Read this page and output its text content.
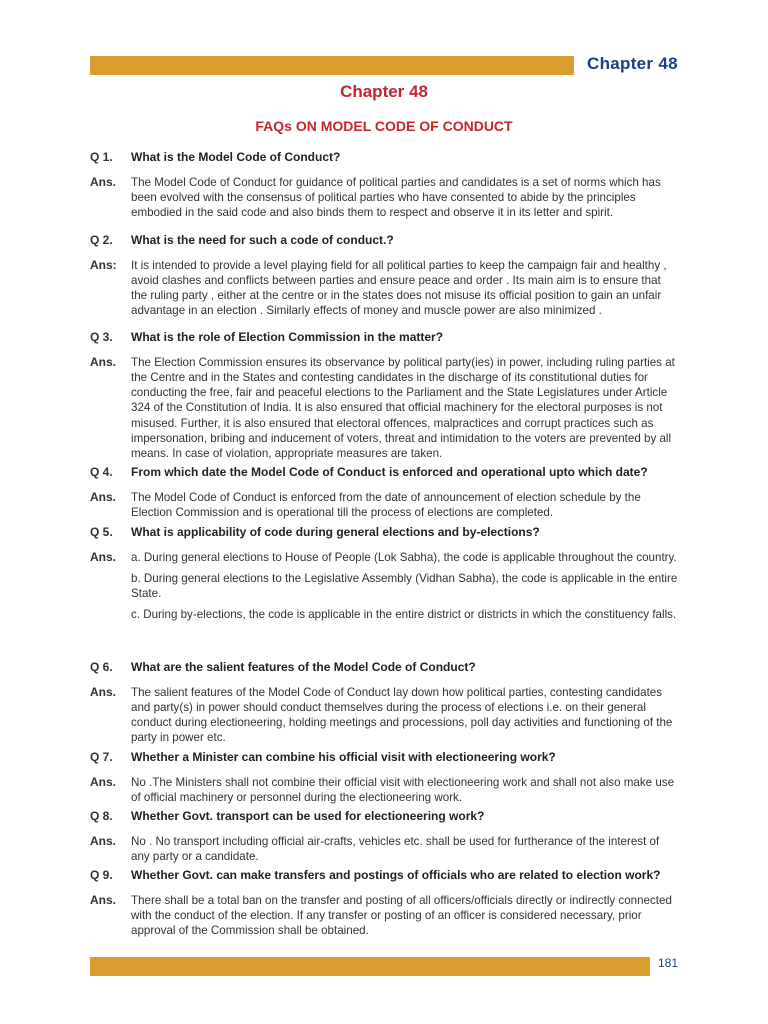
Chapter 48
Chapter 48
FAQs ON MODEL CODE OF CONDUCT
Q 1.	What is the Model Code of Conduct?
Ans.	The Model Code of Conduct for guidance of political parties and candidates is a set of norms which has been evolved with the consensus of political parties who have consented to abide by the principles embodied in the said code and also binds them to respect and observe it in its letter and spirit.

Q 2.	What is the need for such a code of conduct.?
Ans:	It is intended to provide a level playing field for all political parties to keep the campaign fair and healthy , avoid clashes and conflicts between parties and ensure peace and order . Its main aim is to ensure that the ruling party , either at the centre or in the states does not misuse its official position to gain an unfair advantage in an election . Similarly effects of money and muscle power are also minimized .

Q 3.	What is the role of Election Commission in the matter?
Ans.	The Election Commission ensures its observance by political party(ies) in power, including ruling parties at the Centre and in the States and contesting candidates in the discharge of its constitutional duties for conducting the free, fair and peaceful elections to the Parliament and the State Legislatures under Article 324 of the Constitution of India. It is also ensured that official machinery for the electoral purposes is not misused. Further, it is also ensured that electoral offences, malpractices and corrupt practices such as impersonation, bribing and inducement of voters, threat and intimidation to the voters are prevented by all means. In case of violation, appropriate measures are taken.

Q 4.	From which date the Model Code of Conduct is enforced and operational upto which date?
Ans.	The Model Code of Conduct is enforced from the date of announcement of election schedule by the Election Commission and is operational till the process of elections are completed.

Q 5.	What is applicability of code during general elections and by-elections?
Ans.	a. During general elections to House of People (Lok Sabha), the code is applicable throughout the country.

b. During general elections to the Legislative Assembly (Vidhan Sabha), the code is applicable in the entire State.

c. During by-elections, the code is applicable in the entire district or districts in which the constituency falls.

Q 6.	What are the salient features of the Model Code of Conduct?
Ans.	The salient features of the Model Code of Conduct lay down how political parties, contesting candidates and party(s) in power should conduct themselves during the process of elections i.e. on their general conduct during electioneering, holding meetings and processions, poll day activities and functioning of the party in power etc.

Q 7.	Whether a Minister can combine his official visit with electioneering work?
Ans.	No .The Ministers shall not combine their official visit with electioneering work and shall not also make use of official machinery or personnel during the electioneering work.

Q 8.	Whether Govt. transport can be used for electioneering work?
Ans.	No . No transport including official air-crafts, vehicles etc. shall be used for furtherance of the interest of any party or a candidate.

Q 9.	Whether Govt. can make transfers and postings of officials who are related to election work?
Ans.	There shall be a total ban on the transfer and posting of all officers/officials directly or indirectly connected with the conduct of the election. If any transfer or posting of an officer is considered necessary, prior approval of the Commission shall be obtained.

181
